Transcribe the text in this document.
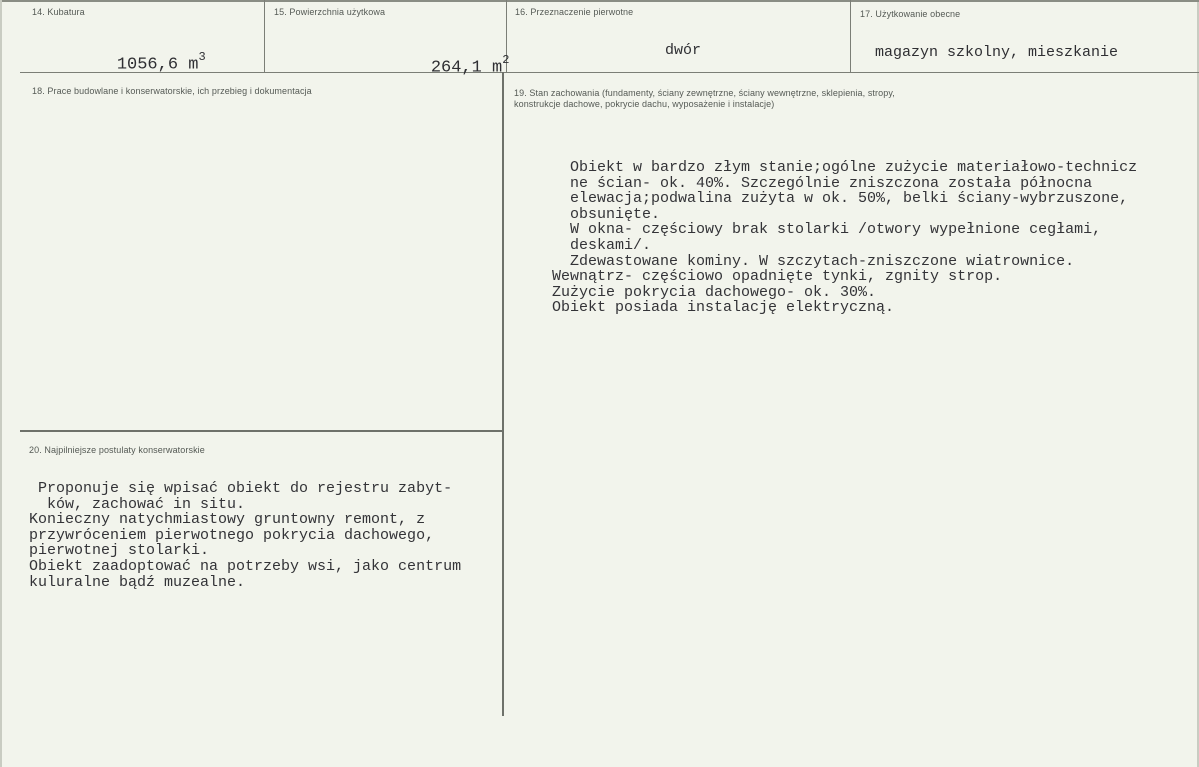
14. Kubatura

1056,6 $m^3$

15. Powierzchnia użytkowa

264,1 $m^2$

16. Przeznaczenie pierwotne
dwór
17. Użytkowanie obecne
magazyn szkolny, mieszkanie
18. Prace budowlane i konserwatorskie, ich przebieg i dokumentacja	19. Stan zachowania (fundamenty, ściany zewnętrzne, ściany wewnętrzne, sklepienia, stropy,
konstrukcje dachowe, pokrycie dachu, wyposażenie i instalacje)
Obiekt w bardzo złym stanie;ogólne zużycie materiałowo-technicz
ne ścian- ok. 40%. Szczególnie zniszczona została północna
elewacja;podwalina zużyta w ok. 50%, belki ściany-wybrzuszone,
obsunięte.
W okna- częściowy brak stolarki /otwory wypełnione cegłami,
deskami/.
Zdewastowane kominy. W szczytach-zniszczone wiatrownice.
Wewnątrz- częściowo opadnięte tynki, zgnity strop.
Zużycie pokrycia dachowego- ok. 30%.
Obiekt posiada instalację elektryczną.
20. Najpilniejsze postulaty konserwatorskie
Proponuje się wpisać obiekt do rejestru zabyt-
ków, zachować in situ.
Konieczny natychmiastowy gruntowny remont, z
przywróceniem pierwotnego pokrycia dachowego,
pierwotnej stolarki.
Obiekt zaadoptować na potrzeby wsi, jako centrum
kuluralne bądź muzealne.
